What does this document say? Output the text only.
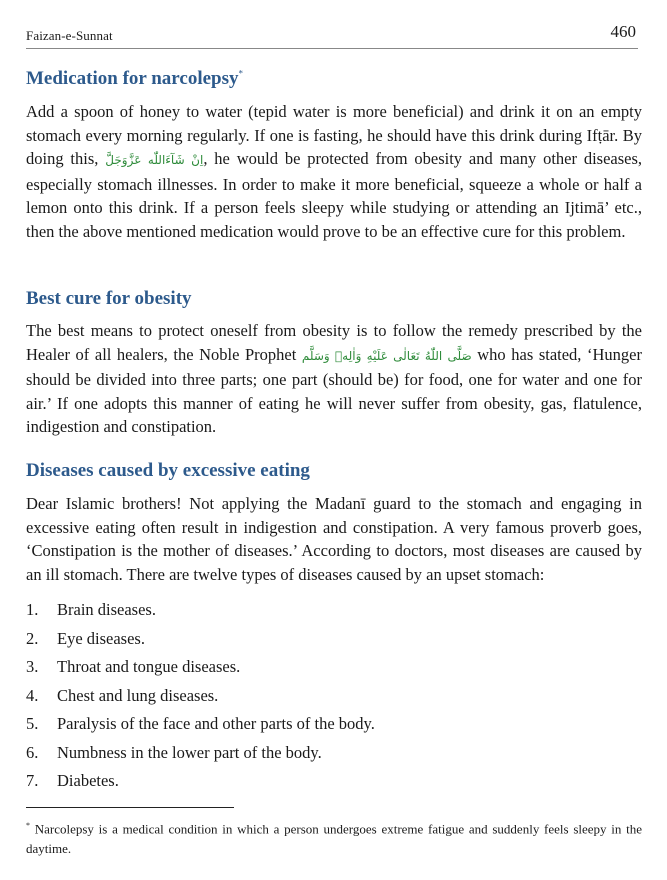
Faizan-e-Sunnat	460
Medication for narcolepsy*

Add a spoon of honey to water (tepid water is more beneficial) and drink it on an empty stomach every morning regularly. If one is fasting, he should have this drink during Ifṭār. By doing this, اِنْ شَآءَاللّٰه عَزَّوَجَلَّ, he would be protected from obesity and many other diseases, especially stomach illnesses. In order to make it more beneficial, squeeze a whole or half a lemon onto this drink. If a person feels sleepy while studying or attending an Ijtimā’ etc., then the above mentioned medication would prove to be an effective cure for this problem.

Best cure for obesity

The best means to protect oneself from obesity is to follow the remedy prescribed by the Healer of all healers, the Noble Prophet صَلَّى اللّٰهُ تَعَالٰى عَلَيْهِ وَاٰلِهٖ وَسَلَّم who has stated, ‘Hunger should be divided into three parts; one part (should be) for food, one for water and one for air.’ If one adopts this manner of eating he will never suffer from obesity, gas, flatulence, indigestion and constipation.

Diseases caused by excessive eating

Dear Islamic brothers! Not applying the Madanī guard to the stomach and engaging in excessive eating often result in indigestion and constipation. A very famous proverb goes, ‘Constipation is the mother of diseases.’ According to doctors, most diseases are caused by an ill stomach. There are twelve types of diseases caused by an upset stomach:

1. Brain diseases.
2. Eye diseases.
3. Throat and tongue diseases.
4. Chest and lung diseases.
5. Paralysis of the face and other parts of the body.
6. Numbness in the lower part of the body.
7. Diabetes.

* Narcolepsy is a medical condition in which a person undergoes extreme fatigue and suddenly feels sleepy in the daytime.
